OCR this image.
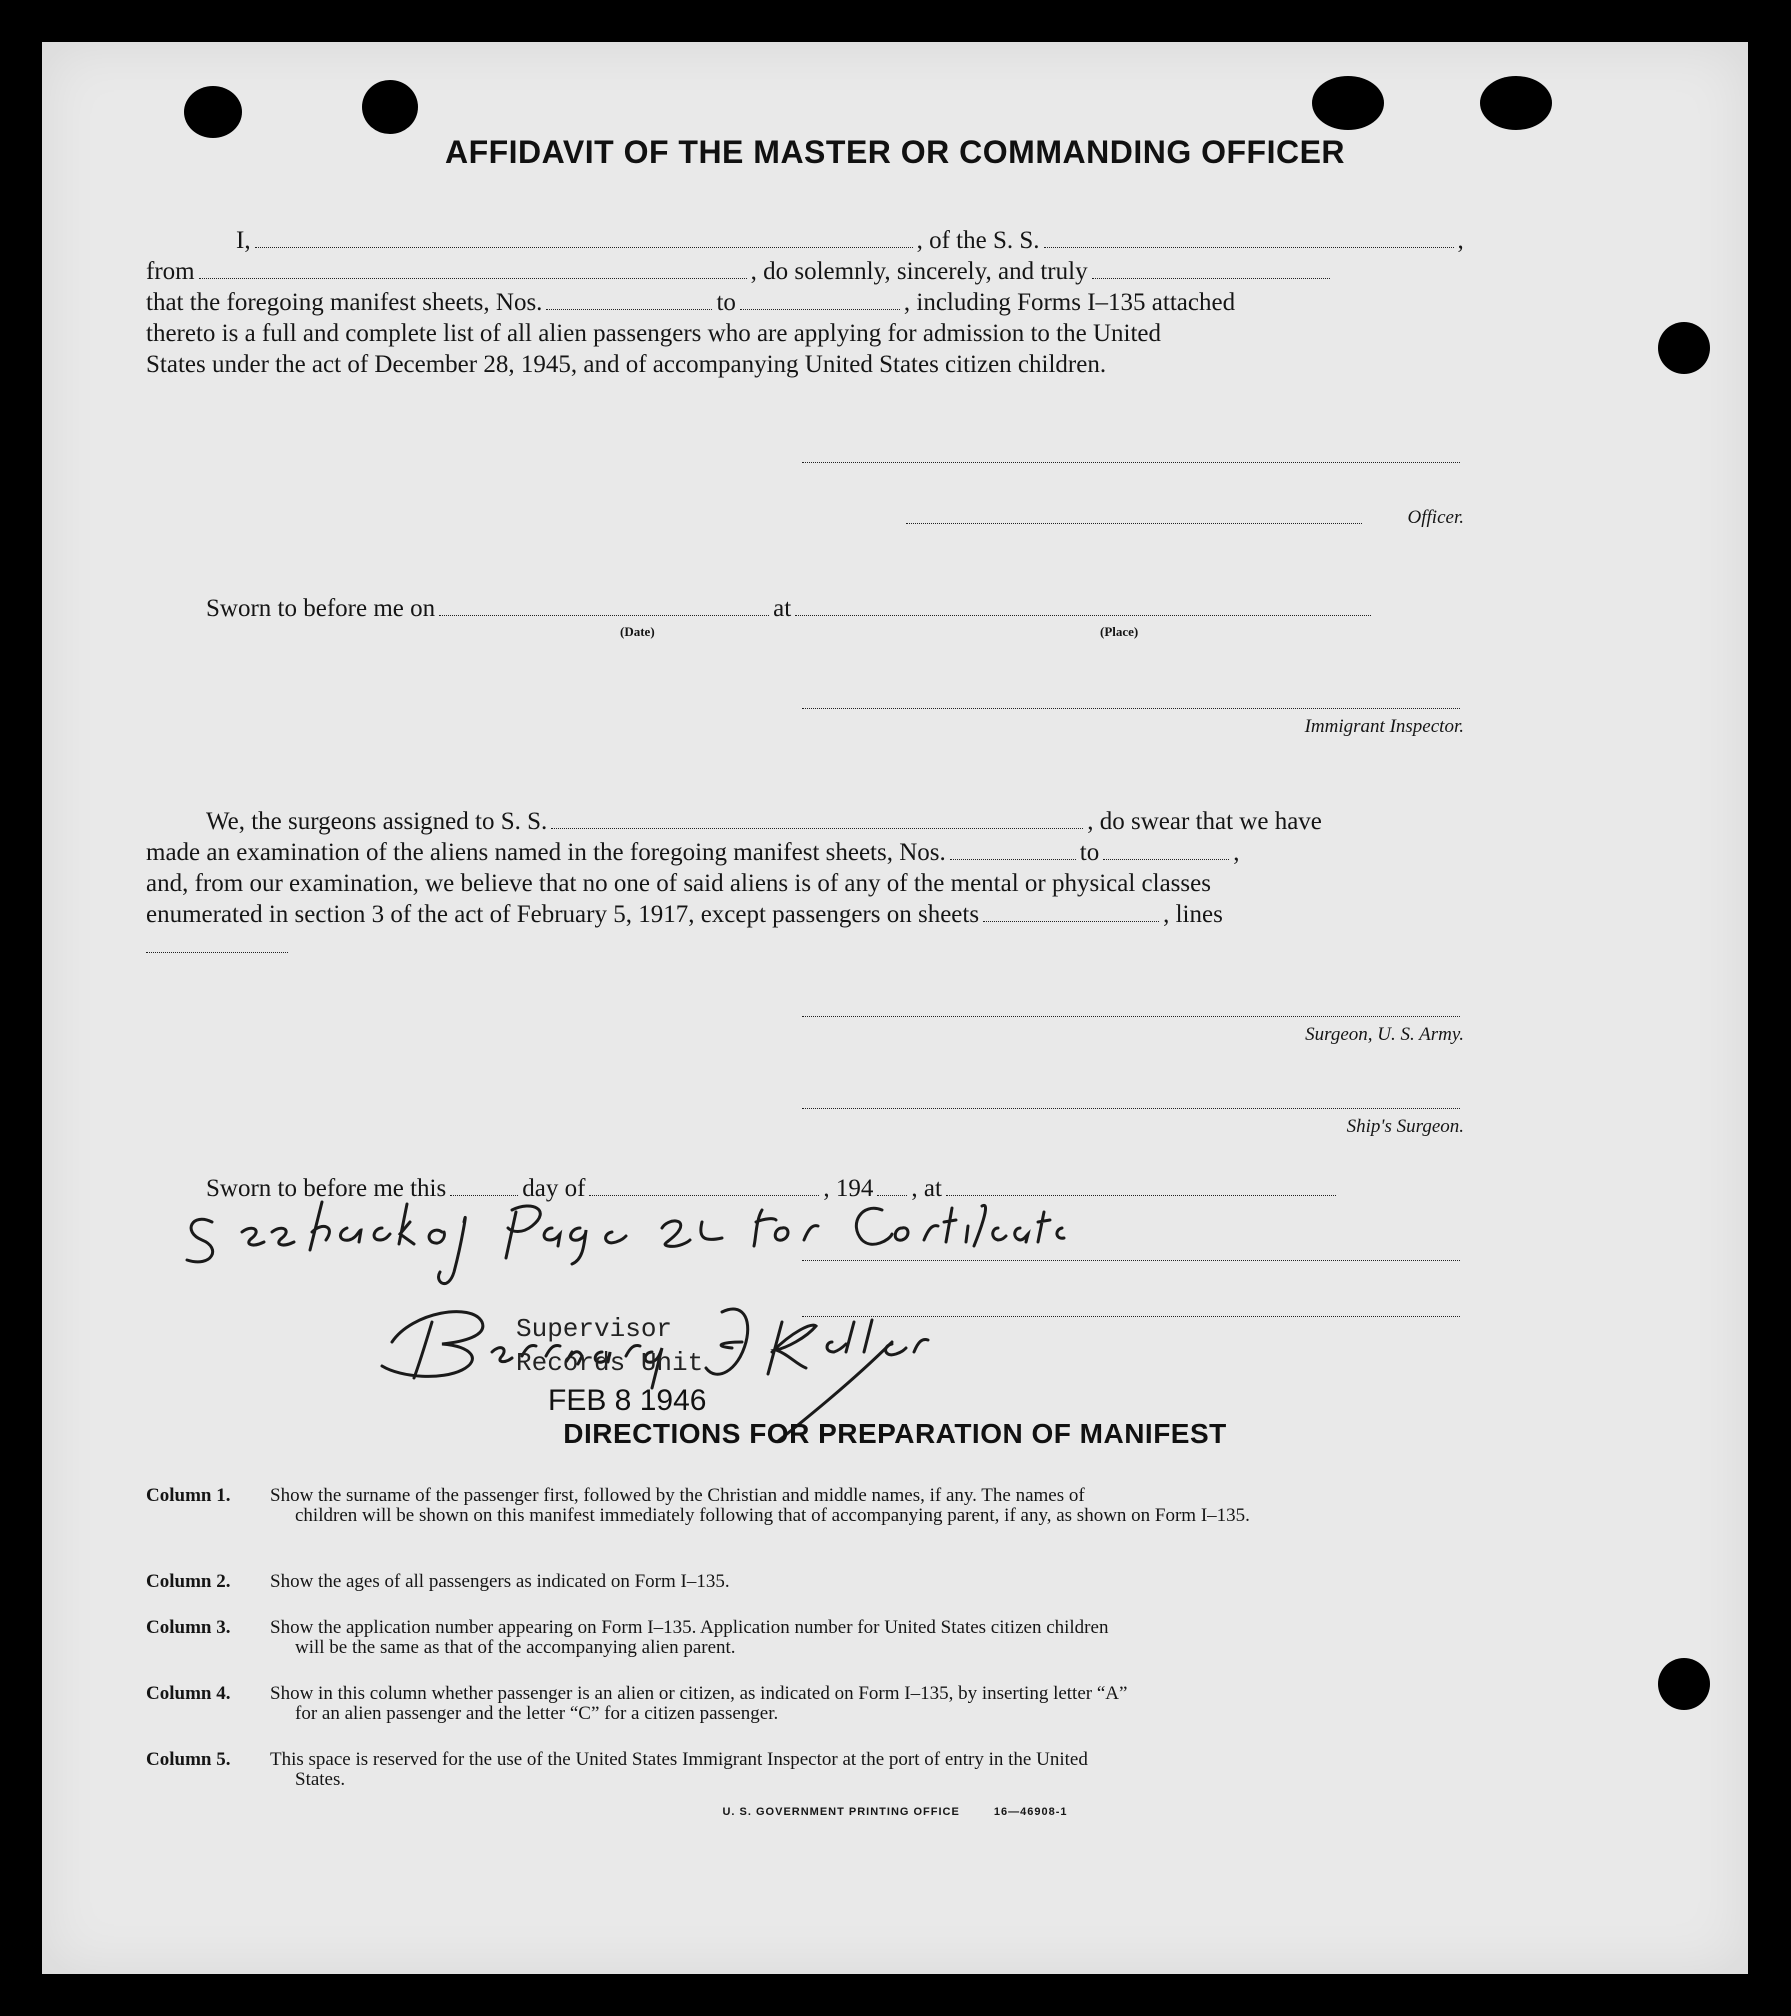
AFFIDAVIT OF THE MASTER OR COMMANDING OFFICER
I,	, of the S. S.	,
from	, do solemnly, sincerely, and truly
that the foregoing manifest sheets, Nos.	to	, including Forms I–135 attached
thereto is a full and complete list of all alien passengers who are applying for admission to the United
States under the act of December 28, 1945, and of accompanying United States citizen children.
Officer.
Sworn to before me on	at
(Date)	(Place)
Immigrant Inspector.
We, the surgeons assigned to S. S.	, do swear that we have
made an examination of the aliens named in the foregoing manifest sheets, Nos.	to	,
and, from our examination, we believe that no one of said aliens is of any of the mental or physical classes
enumerated in section 3 of the act of February 5, 1917, except passengers on sheets	, lines
Surgeon, U. S. Army.
Ship's Surgeon.
Sworn to before me this	day of	, 194 , at
Supervisor
Records Unit
FEB 8 1946
DIRECTIONS FOR PREPARATION OF MANIFEST
Column 1.	Show the surname of the passenger first, followed by the Christian and middle names, if any. The names of
children will be shown on this manifest immediately following that of accompanying parent, if any, as shown on Form I–135.
Column 2.	Show the ages of all passengers as indicated on Form I–135.
Column 3.	Show the application number appearing on Form I–135. Application number for United States citizen children
will be the same as that of the accompanying alien parent.
Column 4.	Show in this column whether passenger is an alien or citizen, as indicated on Form I–135, by inserting letter “A”
for an alien passenger and the letter “C” for a citizen passenger.
Column 5.	This space is reserved for the use of the United States Immigrant Inspector at the port of entry in the United
States.
U. S. GOVERNMENT PRINTING OFFICE	16—46908-1
